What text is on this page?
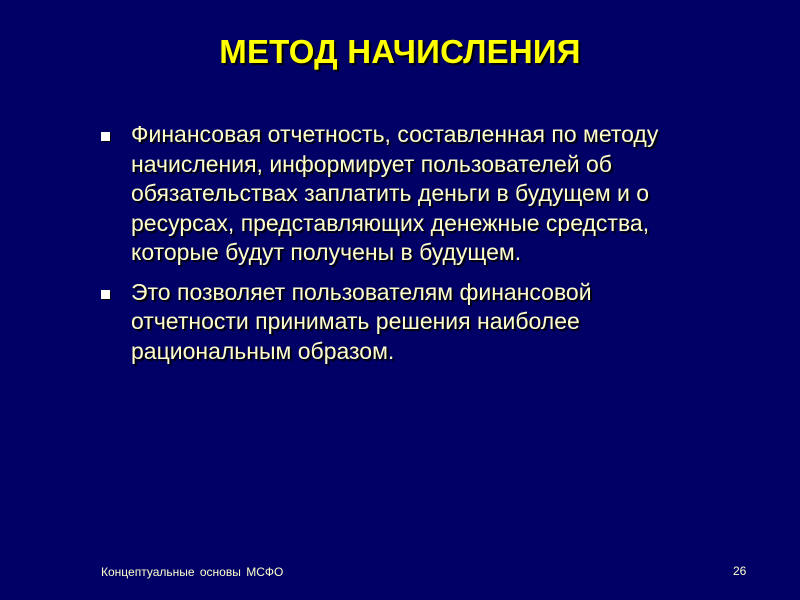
МЕТОД НАЧИСЛЕНИЯ
Финансовая отчетность, составленная по методу начисления, информирует пользователей об обязательствах заплатить деньги в будущем и о ресурсах, представляющих денежные средства, которые будут получены в будущем.
Это позволяет пользователям финансовой отчетности принимать решения наиболее рациональным образом.
Концептуальные основы МСФО	26
